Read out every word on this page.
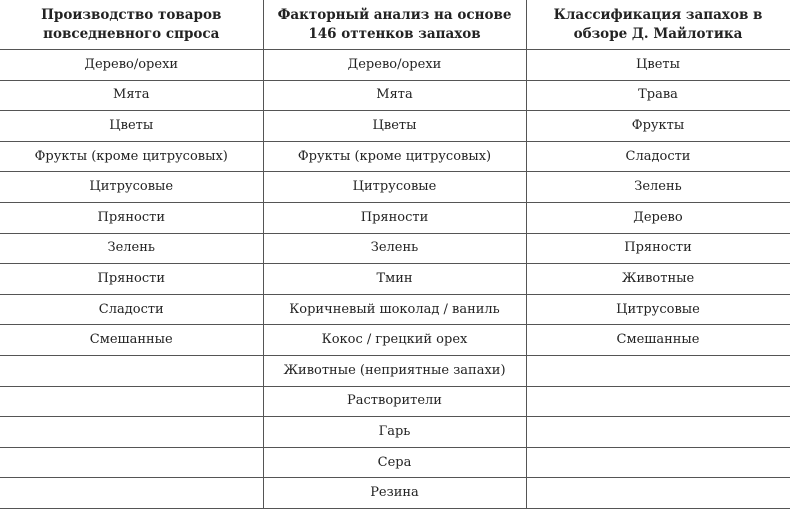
Производство товаров повседневного спроса	Факторный анализ на основе 146 оттенков запахов	Классификация запахов в обзоре Д. Майлотика
Дерево/орехи	Дерево/орехи	Цветы
Мята	Мята	Трава
Цветы	Цветы	Фрукты
Фрукты (кроме цитрусовых)	Фрукты (кроме цитрусовых)	Сладости
Цитрусовые	Цитрусовые	Зелень
Пряности	Пряности	Дерево
Зелень	Зелень	Пряности
Пряности	Тмин	Животные
Сладости	Коричневый шоколад / ваниль	Цитрусовые
Смешанные	Кокос / грецкий орех	Смешанные
	Животные (неприятные запахи)	
	Растворители	
	Гарь	
	Сера	
	Резина	
